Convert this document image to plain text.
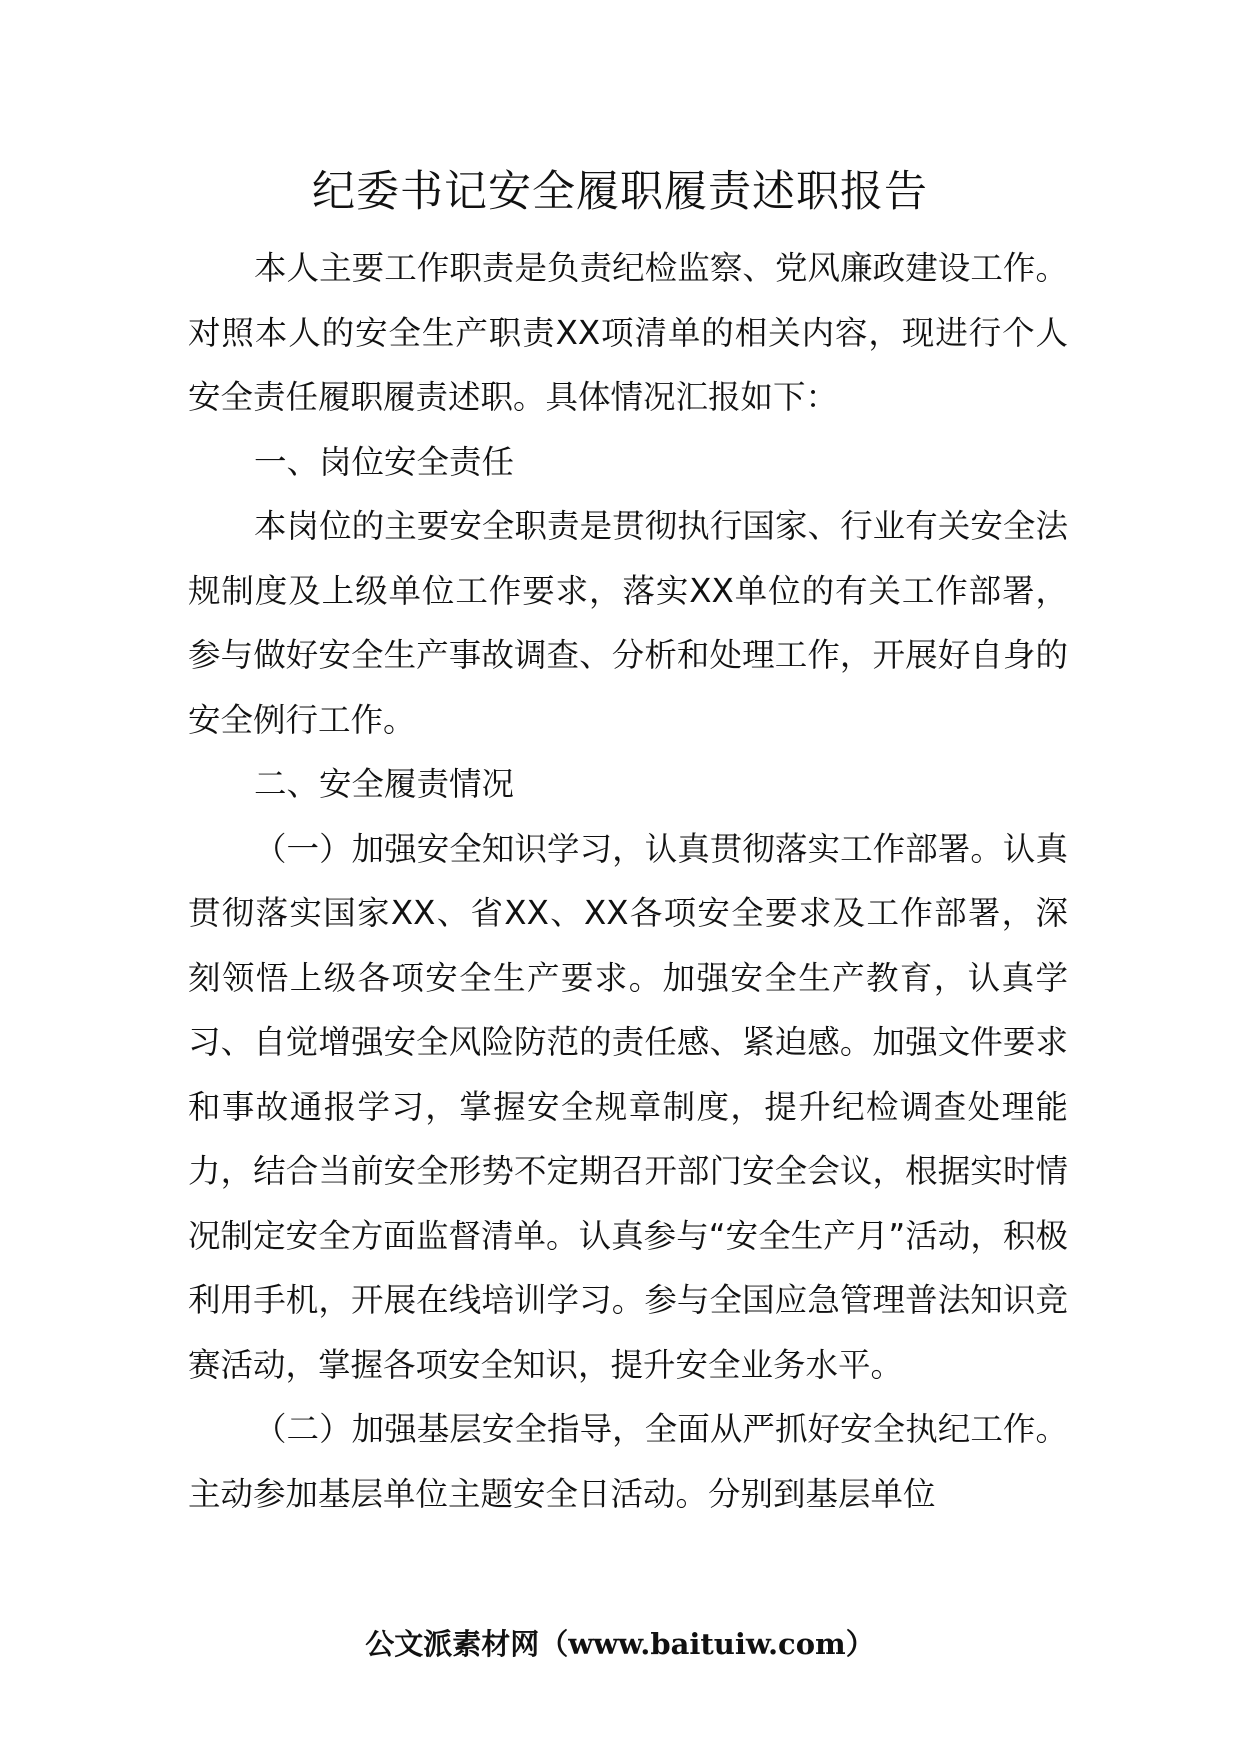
纪委书记安全履职履责述职报告

本人主要工作职责是负责纪检监察、党风廉政建设工作。对照本人的安全生产职责XX项清单的相关内容，现进行个人安全责任履职履责述职。具体情况汇报如下：

一、岗位安全责任

本岗位的主要安全职责是贯彻执行国家、行业有关安全法规制度及上级单位工作要求，落实XX单位的有关工作部署，参与做好安全生产事故调查、分析和处理工作，开展好自身的安全例行工作。

二、安全履责情况

（一）加强安全知识学习，认真贯彻落实工作部署。认真贯彻落实国家XX、省XX、XX各项安全要求及工作部署，深刻领悟上级各项安全生产要求。加强安全生产教育，认真学习、自觉增强安全风险防范的责任感、紧迫感。加强文件要求和事故通报学习，掌握安全规章制度，提升纪检调查处理能力，结合当前安全形势不定期召开部门安全会议，根据实时情况制定安全方面监督清单。认真参与“安全生产月”活动，积极利用手机，开展在线培训学习。参与全国应急管理普法知识竞赛活动，掌握各项安全知识，提升安全业务水平。

（二）加强基层安全指导，全面从严抓好安全执纪工作。主动参加基层单位主题安全日活动。分别到基层单位

公文派素材网（www.baituiw.com）
